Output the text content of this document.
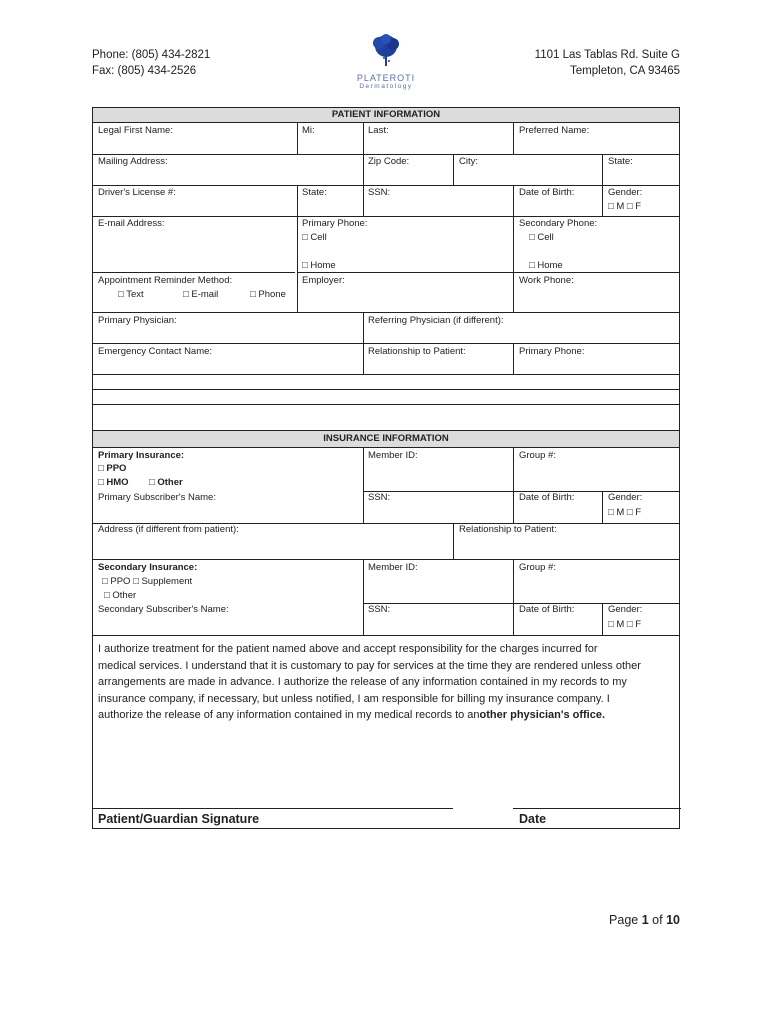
Phone: (805) 434-2821
Fax: (805) 434-2526
1101 Las Tablas Rd. Suite G
Templeton, CA 93465
PLATEROTI
Dermatology
PATIENT INFORMATION
Legal First Name:	Mi:	Last:	Preferred Name:
Mailing Address:	Zip Code:	City:	State:
Driver's License #:	State:	SSN:	Date of Birth:	Gender:
□ M □ F
E-mail Address:	Primary Phone:
□ Cell
□ Home
Secondary Phone:
□ Cell
□ Home
Appointment Reminder Method:
□ Text	□ E-mail	□ Phone
Employer:	Work Phone:
Primary Physician:	Referring Physician (if different):
Emergency Contact Name:	Relationship to Patient:	Primary Phone:
INSURANCE INFORMATION
Primary Insurance:
□ PPO
□ HMO □ Other
Member ID:	Group #:
Primary Subscriber's Name:	SSN:	Date of Birth:	Gender:
□ M □ F
Address (if different from patient):	Relationship to Patient:
Secondary Insurance:
□ PPO □ Supplement
□ Other
Member ID:	Group #:
Secondary Subscriber's Name:	SSN:	Date of Birth:	Gender:
□ M □ F
I authorize treatment for the patient named above and accept responsibility for the charges incurred for
medical services. I understand that it is customary to pay for services at the time they are rendered unless other
arrangements are made in advance. I authorize the release of any information contained in my records to my
insurance company, if necessary, but unless notified, I am responsible for billing my insurance company. I
authorize the release of any information contained in my medical records to another physician's office.
Patient/Guardian Signature	Date
Page 1 of 10
